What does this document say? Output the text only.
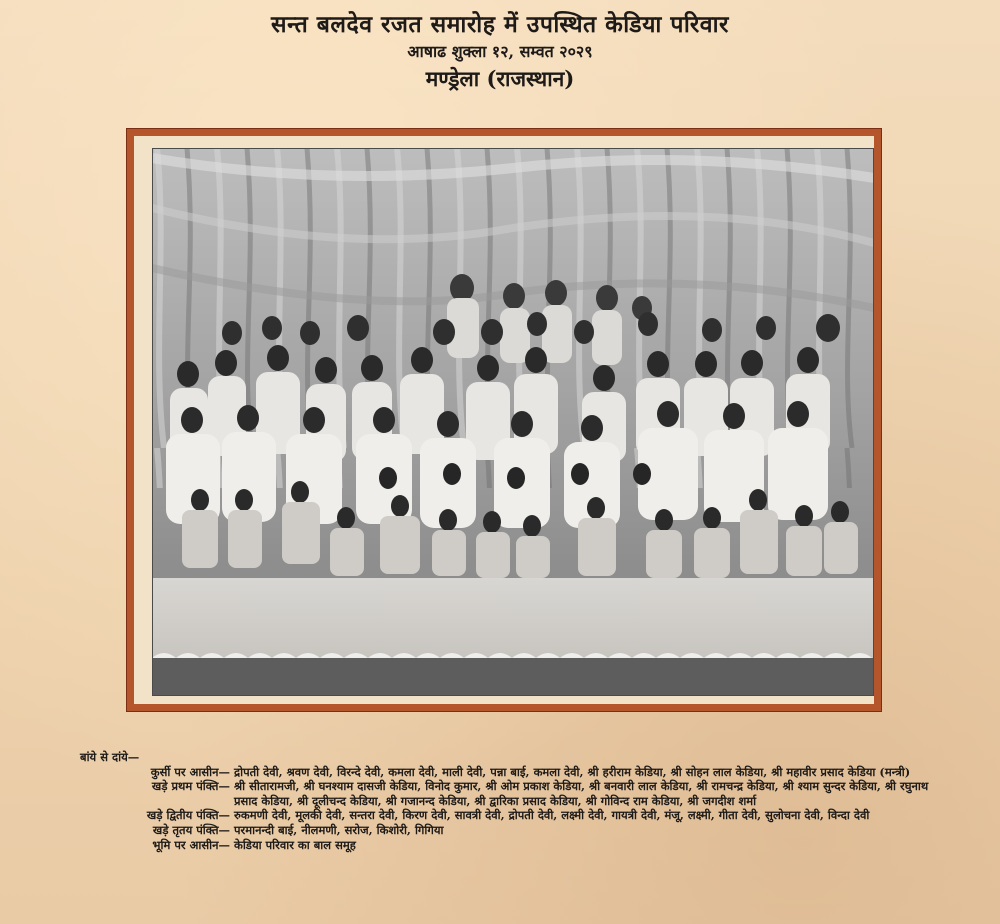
सन्त बलदेव रजत समारोह में उपस्थित केडिया परिवार
आषाढ शुक्ला १२, सम्वत २०२९
मण्ड्रेला (राजस्थान)
बांये से दांये—
कुर्सी पर आसीन— द्रोपती देवी, श्रवण देवी, विरन्दे देवी, कमला देवी, माली देवी, पन्ना बाई, कमला देवी, श्री हरीराम केडिया, श्री सोहन लाल केडिया, श्री महावीर प्रसाद केडिया (मन्त्री)
खड़े प्रथम पंक्ति— श्री सीतारामजी, श्री घनश्याम दासजी केडिया, विनोद कुमार, श्री ओम प्रकाश केडिया, श्री बनवारी लाल केडिया, श्री रामचन्द्र केडिया, श्री श्याम सुन्दर केडिया, श्री रघुनाथ प्रसाद केडिया, श्री दूलीचन्द केडिया, श्री गजानन्द केडिया, श्री द्वारिका प्रसाद केडिया, श्री गोविन्द राम केडिया, श्री जगदीश शर्मा
खड़े द्वितीय पंक्ति— रुकमणी देवी, मूलकी देवी, सन्तरा देवी, किरण देवी, सावत्री देवी, द्रोपती देवी, लक्ष्मी देवी, गायत्री देवी, मंजू, लक्ष्मी, गीता देवी, सुलोचना देवी, विन्दा देवी
खड़े तृतय पंक्ति— परमानन्दी बाई, नीलमणी, सरोज, किशोरी, गिगिया
भूमि पर आसीन— केडिया परिवार का बाल समूह
